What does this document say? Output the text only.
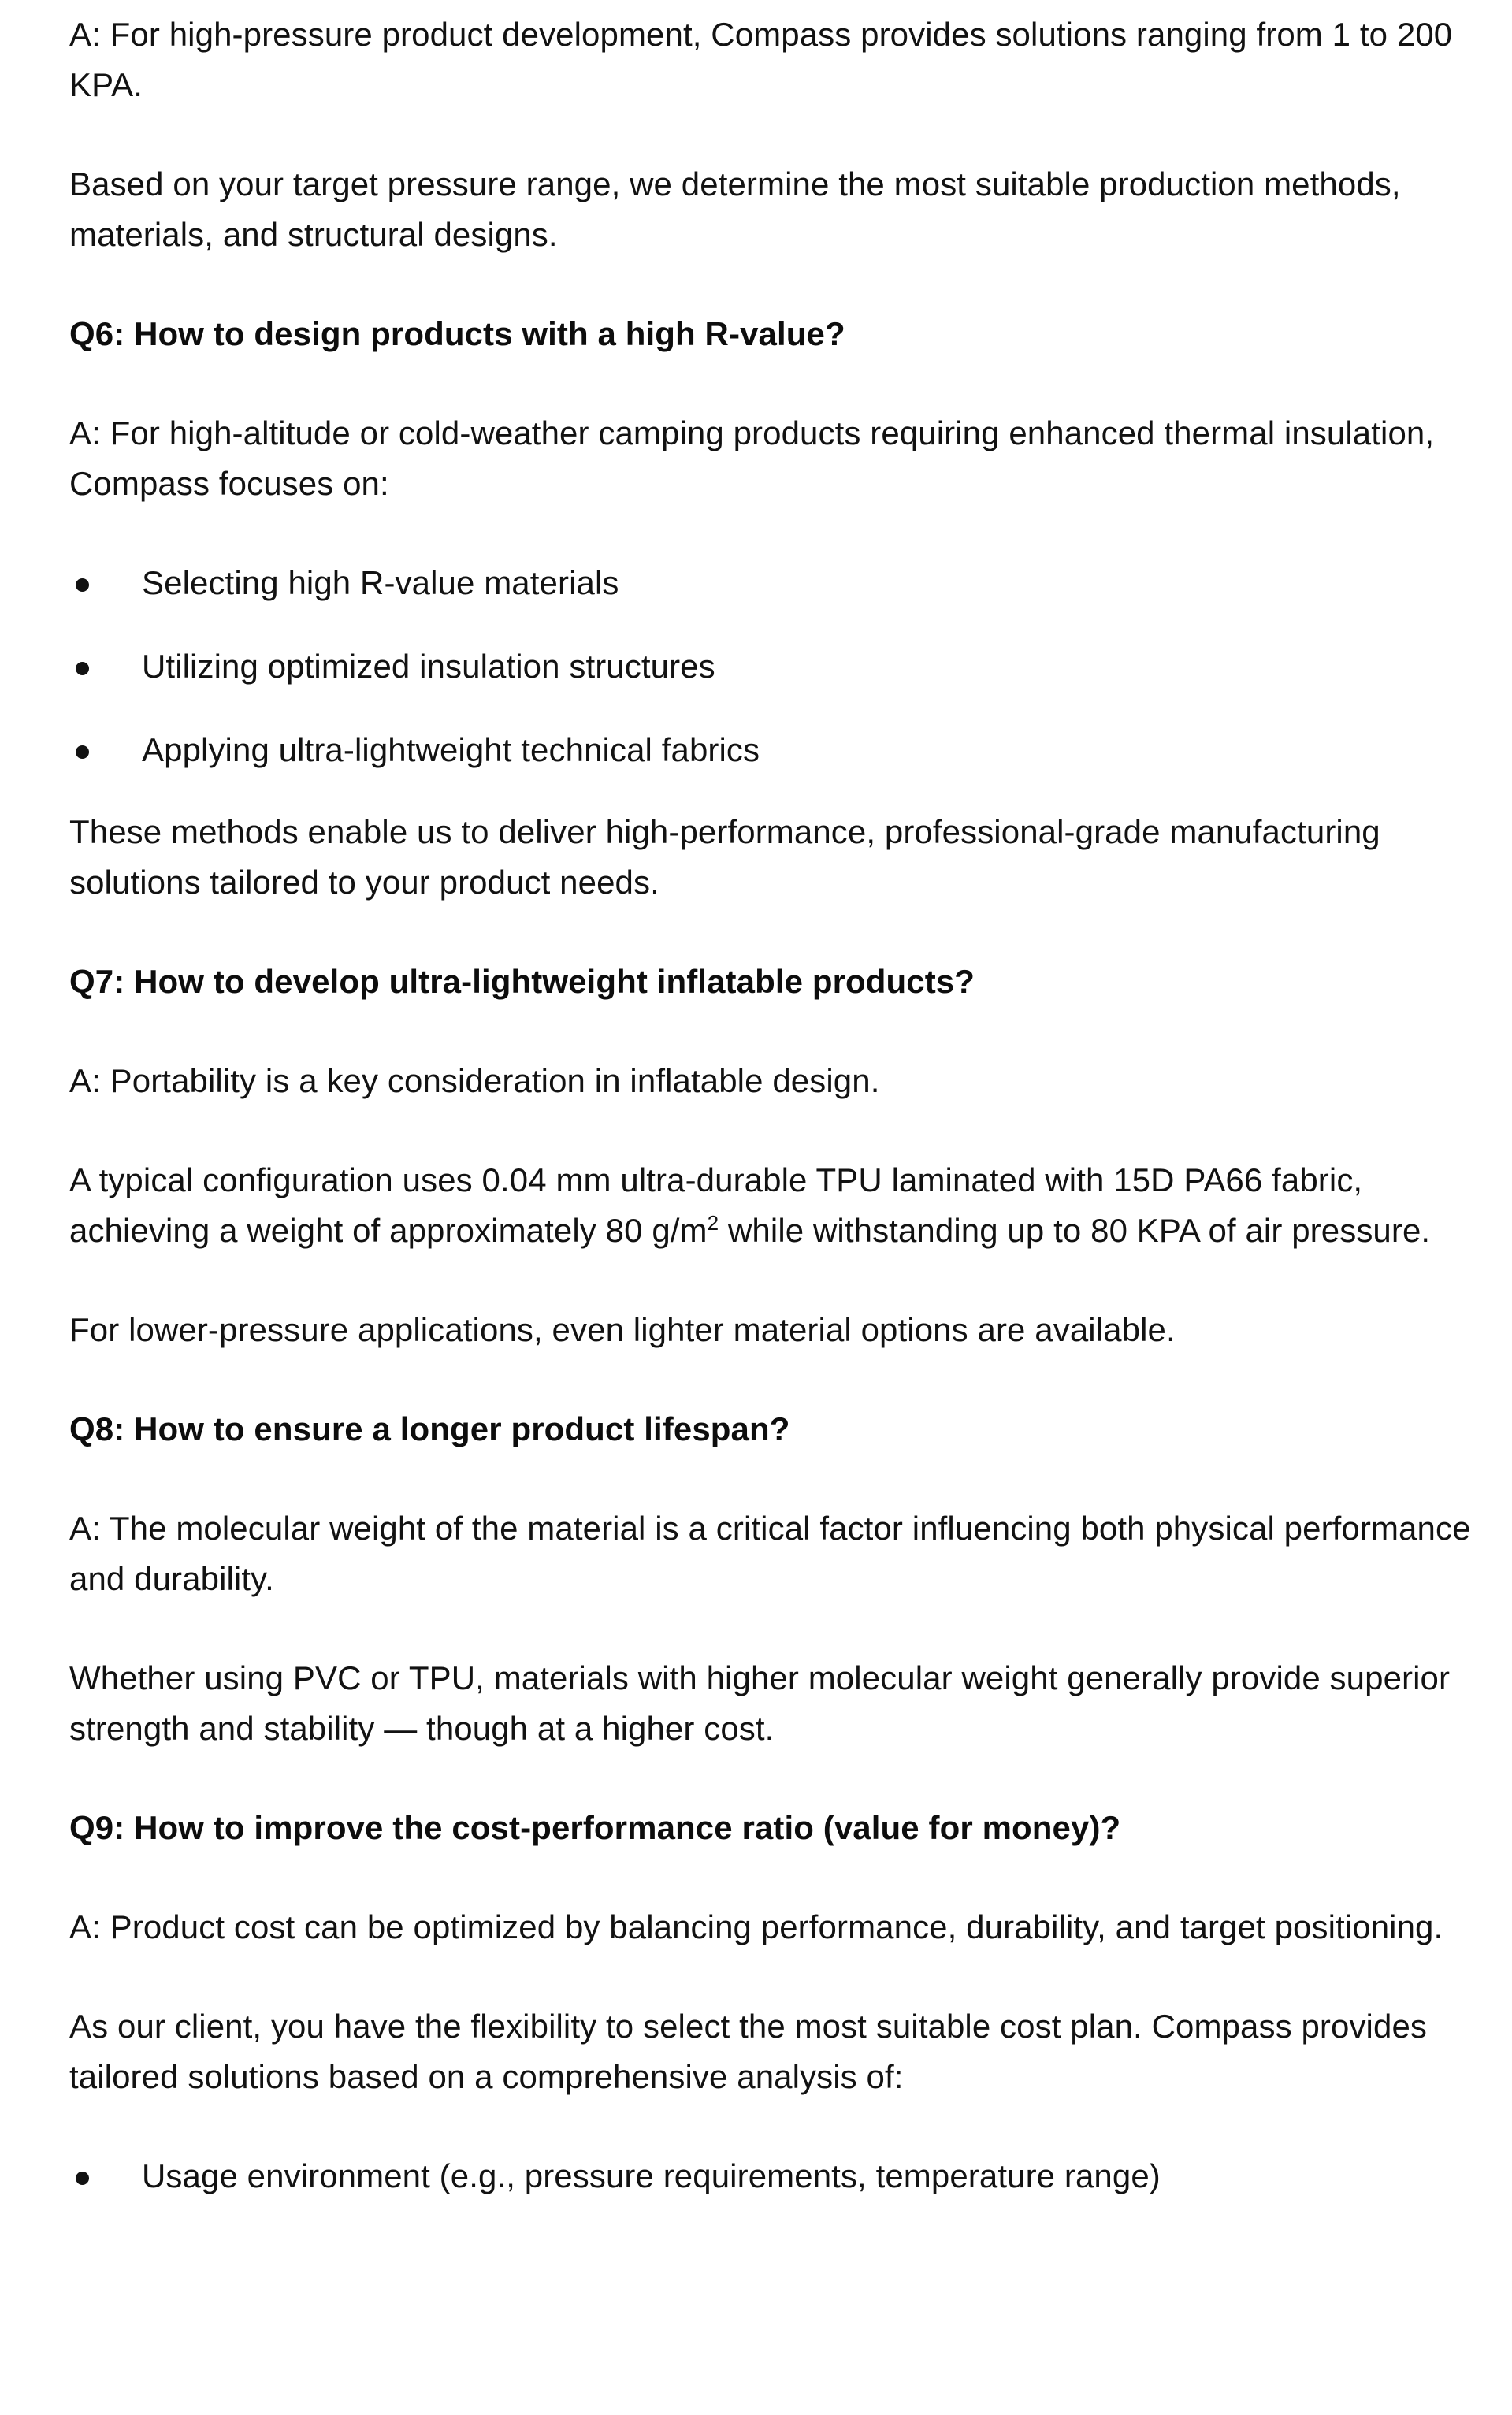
A: For high-pressure product development, Compass provides solutions ranging from 1 to 200 KPA.

Based on your target pressure range, we determine the most suitable production methods, materials, and structural designs.

Q6: How to design products with a high R-value?

A: For high-altitude or cold-weather camping products requiring enhanced thermal insulation, Compass focuses on:

Selecting high R-value materials
Utilizing optimized insulation structures
Applying ultra-lightweight technical fabrics

These methods enable us to deliver high-performance, professional-grade manufacturing solutions tailored to your product needs.

Q7: How to develop ultra-lightweight inflatable products?

A: Portability is a key consideration in inflatable design.

A typical configuration uses 0.04 mm ultra-durable TPU laminated with 15D PA66 fabric, achieving a weight of approximately 80 $g/m^2$ while withstanding up to 80 KPA of air pressure.

For lower-pressure applications, even lighter material options are available.

Q8: How to ensure a longer product lifespan?

A: The molecular weight of the material is a critical factor influencing both physical performance and durability.

Whether using PVC or TPU, materials with higher molecular weight generally provide superior strength and stability — though at a higher cost.

Q9: How to improve the cost-performance ratio (value for money)?

A: Product cost can be optimized by balancing performance, durability, and target positioning.

As our client, you have the flexibility to select the most suitable cost plan. Compass provides tailored solutions based on a comprehensive analysis of:

Usage environment (e.g., pressure requirements, temperature range)
